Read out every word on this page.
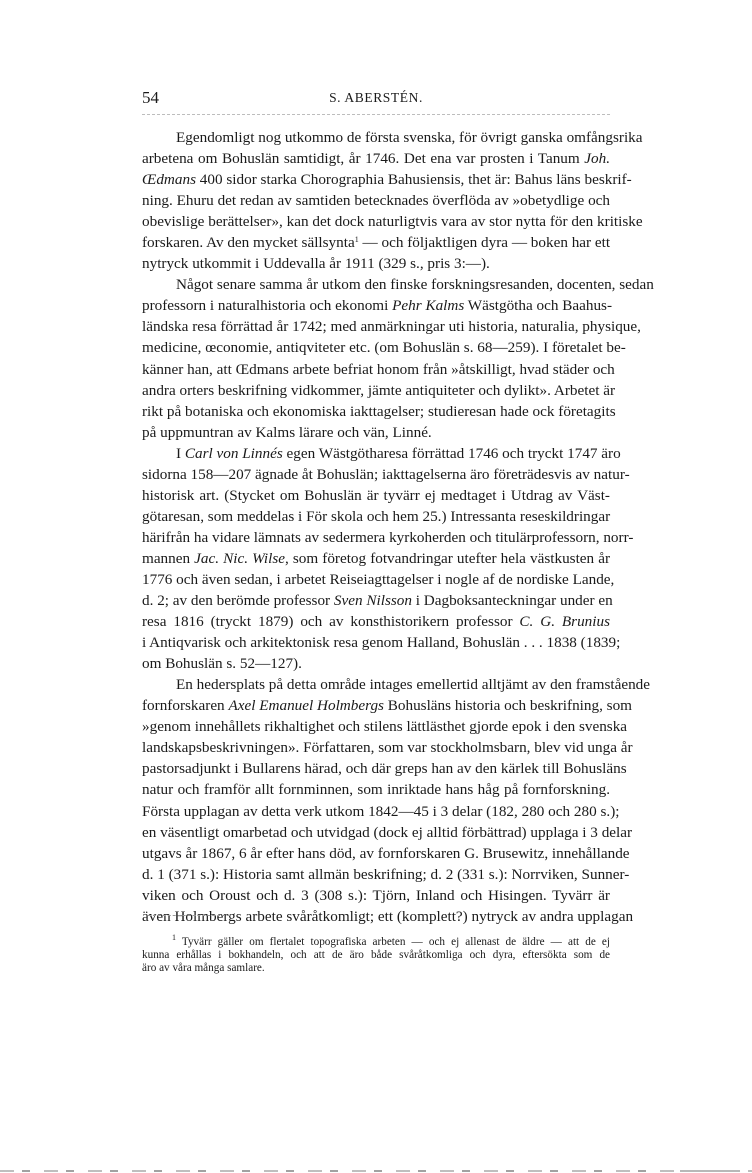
54	S. ABERSTÉN.
Egendomligt nog utkommo de första svenska, för övrigt ganska omfångsrika
arbetena om Bohuslän samtidigt, år 1746. Det ena var prosten i Tanum Joh.
Œdmans 400 sidor starka Chorographia Bahusiensis, thet är: Bahus läns beskrif-
ning. Ehuru det redan av samtiden betecknades överflöda av »obetydlige och
obevislige berättelser», kan det dock naturligtvis vara av stor nytta för den kritiske
forskaren. Av den mycket sällsynta$^1$ — och följaktligen dyra — boken har ett
nytryck utkommit i Uddevalla år 1911 (329 s., pris 3:—).
Något senare samma år utkom den finske forskningsresanden, docenten, sedan
professorn i naturalhistoria och ekonomi Pehr Kalms Wästgötha och Baahus-
ländska resa förrättad år 1742; med anmärkningar uti historia, naturalia, physique,
medicine, œconomie, antiqviteter etc. (om Bohuslän s. 68—259). I företalet be-
känner han, att Œdmans arbete befriat honom från »åtskilligt, hvad städer och
andra orters beskrifning vidkommer, jämte antiquiteter och dylikt». Arbetet är
rikt på botaniska och ekonomiska iakttagelser; studieresan hade ock företagits
på uppmuntran av Kalms lärare och vän, Linné.
I Carl von Linnés egen Wästgötharesa förrättad 1746 och tryckt 1747 äro
sidorna 158—207 ägnade åt Bohuslän; iakttagelserna äro företrädesvis av natur-
historisk art. (Stycket om Bohuslän är tyvärr ej medtaget i Utdrag av Väst-
götaresan, som meddelas i För skola och hem 25.) Intressanta reseskildringar
härifrån ha vidare lämnats av sedermera kyrkoherden och titulärprofessorn, norr-
mannen Jac. Nic. Wilse, som företog fotvandringar utefter hela västkusten år
1776 och även sedan, i arbetet Reiseiagttagelser i nogle af de nordiske Lande,
d. 2; av den berömde professor Sven Nilsson i Dagboksanteckningar under en
resa 1816 (tryckt 1879) och av konsthistorikern professor C. G. Brunius
i Antiqvarisk och arkitektonisk resa genom Halland, Bohuslän . . . 1838 (1839;
om Bohuslän s. 52—127).
En hedersplats på detta område intages emellertid alltjämt av den framstående
fornforskaren Axel Emanuel Holmbergs Bohusläns historia och beskrifning, som
»genom innehållets rikhaltighet och stilens lättlästhet gjorde epok i den svenska
landskapsbeskrivningen». Författaren, som var stockholmsbarn, blev vid unga år
pastorsadjunkt i Bullarens härad, och där greps han av den kärlek till Bohusläns
natur och framför allt fornminnen, som inriktade hans håg på fornforskning.
Första upplagan av detta verk utkom 1842—45 i 3 delar (182, 280 och 280 s.);
en väsentligt omarbetad och utvidgad (dock ej alltid förbättrad) upplaga i 3 delar
utgavs år 1867, 6 år efter hans död, av fornforskaren G. Brusewitz, innehållande
d. 1 (371 s.): Historia samt allmän beskrifning; d. 2 (331 s.): Norrviken, Sunner-
viken och Oroust och d. 3 (308 s.): Tjörn, Inland och Hisingen. Tyvärr är
även Holmbergs arbete svåråtkomligt; ett (komplett?) nytryck av andra upplagan
$^1$ Tyvärr gäller om flertalet topografiska arbeten — och ej allenast de äldre — att de ej
kunna erhållas i bokhandeln, och att de äro både svåråtkomliga och dyra, eftersökta som de
äro av våra många samlare.
